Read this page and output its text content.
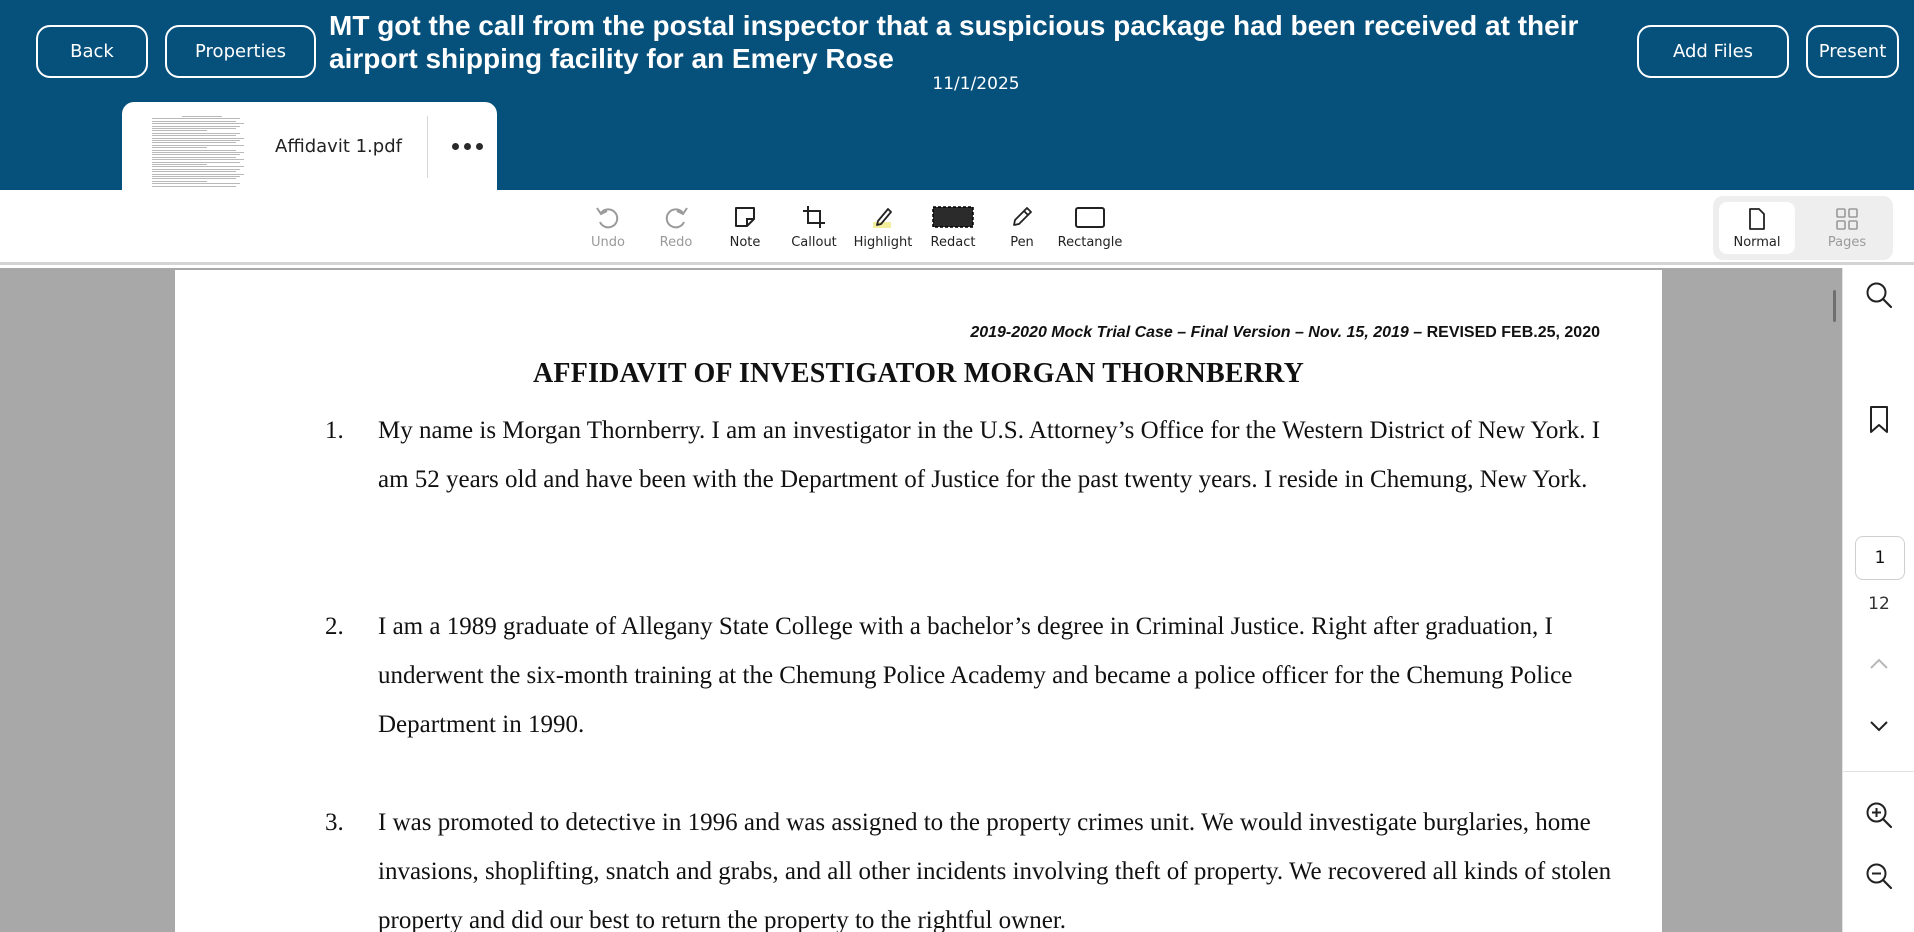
Back	Properties
MT got the call from the postal inspector that a suspicious package had been received at their airport shipping facility for an Emery Rose
11/1/2025
Add Files	Present
Affidavit 1.pdf
Undo	Redo	Note Callout Highlight Redact	Pen Rectangle	Normal	Pages
2019-2020 Mock Trial Case – Final Version – Nov. 15, 2019 – REVISED FEB.25, 2020
AFFIDAVIT OF INVESTIGATOR MORGAN THORNBERRY
1. My name is Morgan Thornberry. I am an investigator in the U.S. Attorney’s Office for the Western District of New York. I am 52 years old and have been with the Department of Justice for the past twenty years. I reside in Chemung, New York.
2. I am a 1989 graduate of Allegany State College with a bachelor’s degree in Criminal Justice. Right after graduation, I underwent the six-month training at the Chemung Police Academy and became a police officer for the Chemung Police Department in 1990.
3. I was promoted to detective in 1996 and was assigned to the property crimes unit. We would investigate burglaries, home invasions, shoplifting, snatch and grabs, and all other incidents involving theft of property. We recovered all kinds of stolen property and did our best to return the property to the rightful owner.
1
12
